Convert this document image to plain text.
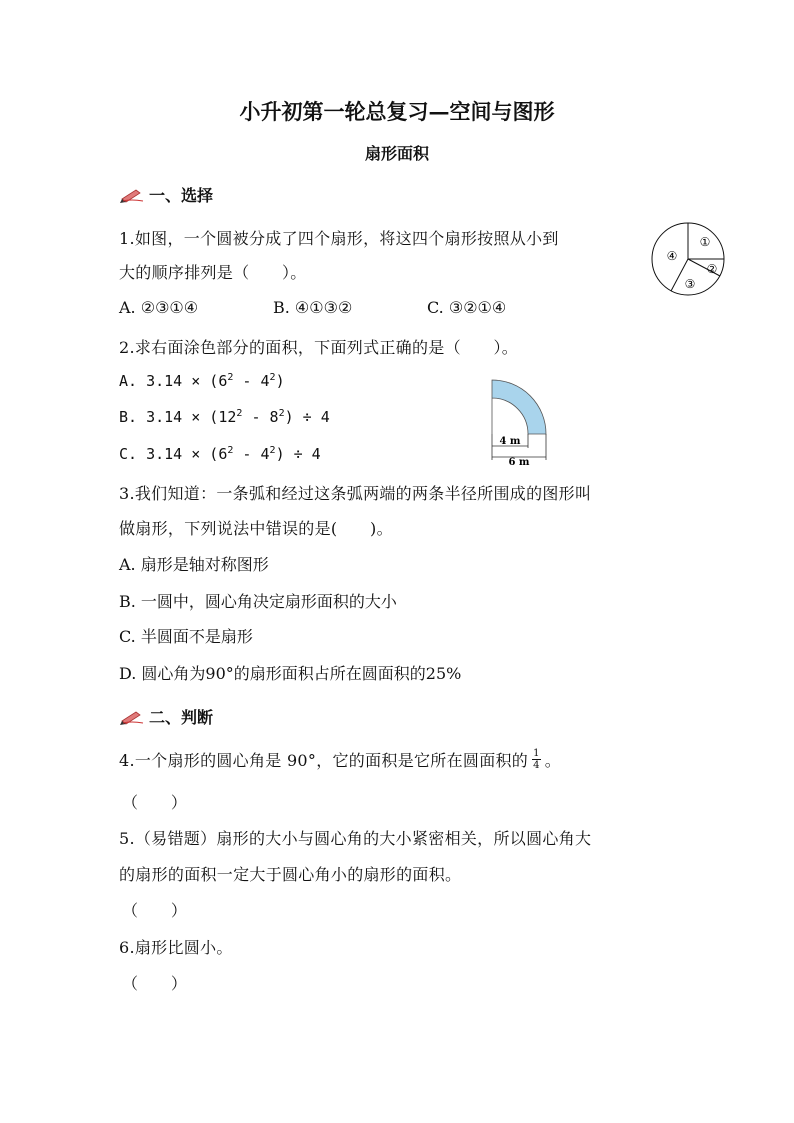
小升初第一轮总复习—空间与图形
扇形面积
一、选择
1.如图，一个圆被分成了四个扇形，将这四个扇形按照从小到
大的顺序排列是（　　）。
A. ②③①④	B. ④①③②	C. ③②①④
①
②
③
④
2.求右面涂色部分的面积，下面列式正确的是（　　）。
A. $3.14 \times (6^2 - 4^2)$
B. $3.14 \times (12^2 - 8^2) \div 4$
C. $3.14 \times (6^2 - 4^2) \div 4$
4 m
6 m
3.我们知道：一条弧和经过这条弧两端的两条半径所围成的图形叫
做扇形，下列说法中错误的是(　　)。
A. 扇形是轴对称图形
B. 一圆中，圆心角决定扇形面积的大小
C. 半圆面不是扇形
D. 圆心角为90°的扇形面积占所在圆面积的25%
二、判断
4.一个扇形的圆心角是 90°，它的面积是它所在圆面积的 $\frac{1}{4}$ 。
（　　）
5.（易错题）扇形的大小与圆心角的大小紧密相关，所以圆心角大
的扇形的面积一定大于圆心角小的扇形的面积。
（　　）
6.扇形比圆小。
（　　）
